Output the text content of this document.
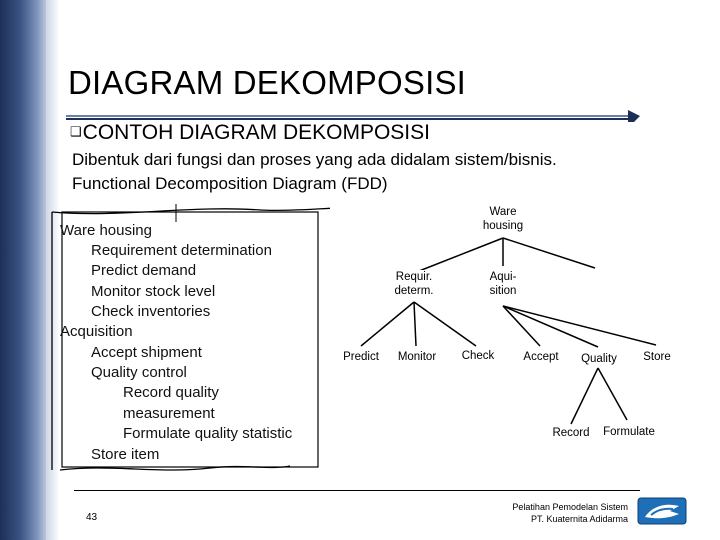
DIAGRAM DEKOMPOSISI
❑CONTOH DIAGRAM DEKOMPOSISI
Dibentuk dari fungsi dan proses yang ada didalam sistem/bisnis.
Functional Decomposition Diagram (FDD)
Ware housing
Requirement determination
Predict demand
Monitor stock level
Check inventories
Acquisition
Accept shipment
Quality control
Record quality
measurement
Formulate quality statistic
Store item
Ware
housing
Requir.
determ.
Aqui-
sition
Predict	Monitor	Check	Accept	Quality	Store
Record	Formulate
43
Pelatihan Pemodelan Sistem
PT. Kuaternita Adidarma
